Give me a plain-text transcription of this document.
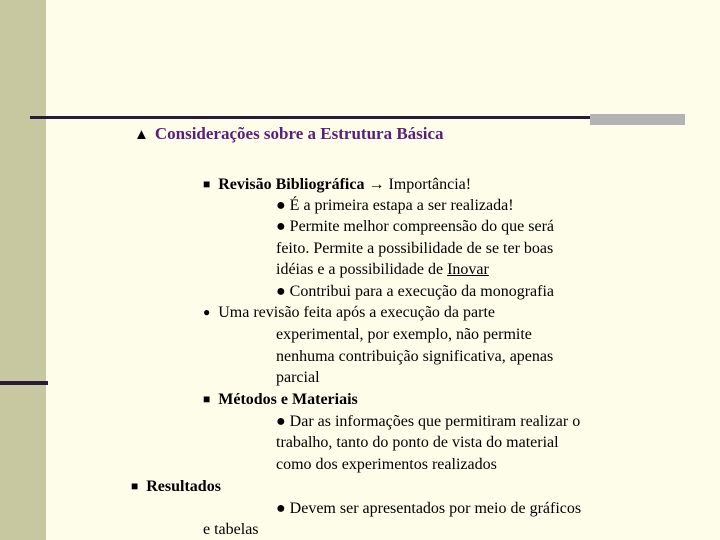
▲ Considerações sobre a Estrutura Básica
■ Revisão Bibliográfica → Importância!
● É a primeira estapa a ser realizada!
● Permite melhor compreensão do que será
feito. Permite a possibilidade de se ter boas
idéias e a possibilidade de Inovar
● Contribui para a execução da monografia
● Uma revisão feita após a execução da parte
experimental, por exemplo, não permite
nenhuma contribuição significativa, apenas
parcial
■ Métodos e Materiais
● Dar as informações que permitiram realizar o
trabalho, tanto do ponto de vista do material
como dos experimentos realizados
■ Resultados
● Devem ser apresentados por meio de gráficos
e tabelas
